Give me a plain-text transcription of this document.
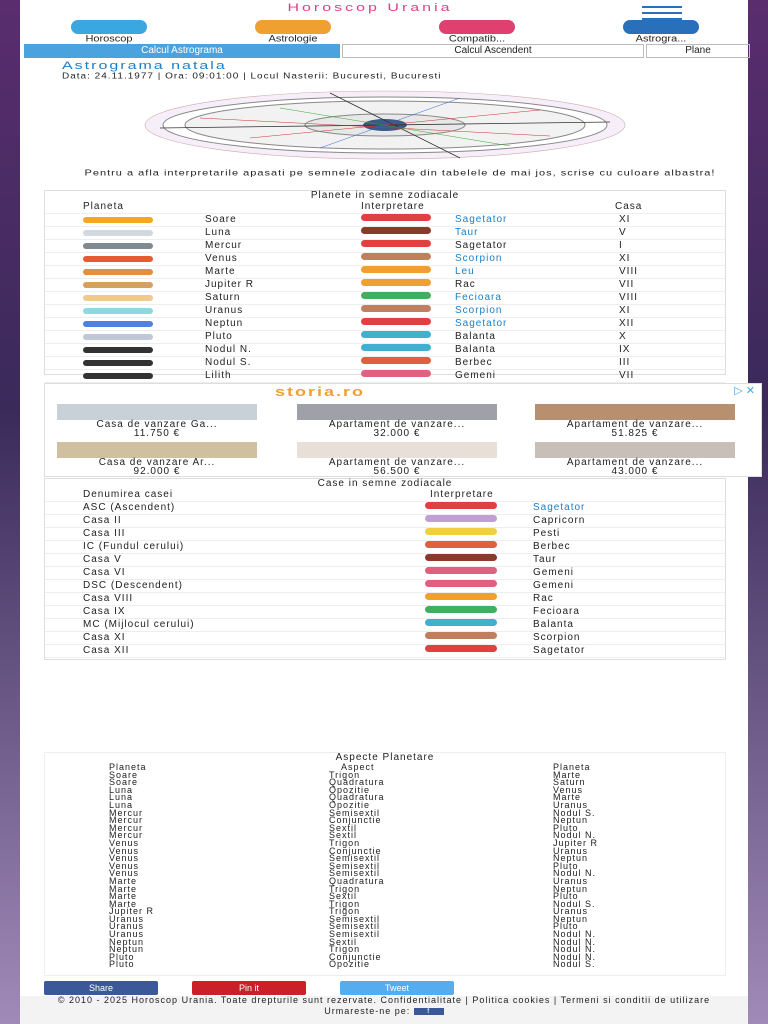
Horoscop Urania
Horoscop	Astrologie	Compatib...	Astrogra...
Calcul Astrograma	Calcul Ascendent	Plane
Astrograma natala
Data: 24.11.1977 | Ora: 09:01:00 | Locul Nasterii: Bucuresti, Bucuresti
Pentru a afla interpretarile apasati pe semnele zodiacale din tabelele de mai jos, scrise cu culoare albastra!
Planete in semne zodiacale
Planeta	Interpretare	Casa
Soare	Sagetator	XI
Luna	Taur	V
Mercur	Sagetator	I
Venus	Scorpion	XI
Marte	Leu	VIII
Jupiter R	Rac	VII
Saturn	Fecioara	VIII
Uranus	Scorpion	XI
Neptun	Sagetator	XII
Pluto	Balanta	X
Nodul N.	Balanta	IX
Nodul S.	Berbec	III
Lilith	Gemeni	VII
storia.ro	▷ ✕
Casa de vanzare Ga...
11.750 €
Apartament de vanzare...
32.000 €
Apartament de vanzare...
51.825 €
Casa de vanzare Ar...
92.000 €
Apartament de vanzare...
56.500 €
Apartament de vanzare...
43.000 €
Case in semne zodiacale
Denumirea casei	Interpretare
ASC (Ascendent)	Sagetator
Casa II	Capricorn
Casa III	Pesti
IC (Fundul cerului)	Berbec
Casa V	Taur
Casa VI	Gemeni
DSC (Descendent)	Gemeni
Casa VIII	Rac
Casa IX	Fecioara
MC (Mijlocul cerului)	Balanta
Casa XI	Scorpion
Casa XII	Sagetator
Aspecte Planetare
Planeta	Aspect	Planeta
Soare	Trigon	Marte
Soare	Quadratura	Saturn
Luna	Opozitie	Venus
Luna	Quadratura	Marte
Luna	Opozitie	Uranus
Mercur	Semisextil	Nodul S.
Mercur	Conjunctie	Neptun
Mercur	Sextil	Pluto
Mercur	Sextil	Nodul N.
Venus	Trigon	Jupiter R
Venus	Conjunctie	Uranus
Venus	Semisextil	Neptun
Venus	Semisextil	Pluto
Venus	Semisextil	Nodul N.
Marte	Quadratura	Uranus
Marte	Trigon	Neptun
Marte	Sextil	Pluto
Marte	Trigon	Nodul S.
Jupiter R	Trigon	Uranus
Uranus	Semisextil	Neptun
Uranus	Semisextil	Pluto
Uranus	Semisextil	Nodul N.
Neptun	Sextil	Nodul N.
Neptun	Trigon	Nodul N.
Pluto	Conjunctie	Nodul N.
Pluto	Opozitie	Nodul S.
Share	Pin it	Tweet
© 2010 - 2025 Horoscop Urania. Toate drepturile sunt rezervate. Confidentialitate | Politica cookies | Termeni si conditii de utilizare
Urmareste-ne pe: f
